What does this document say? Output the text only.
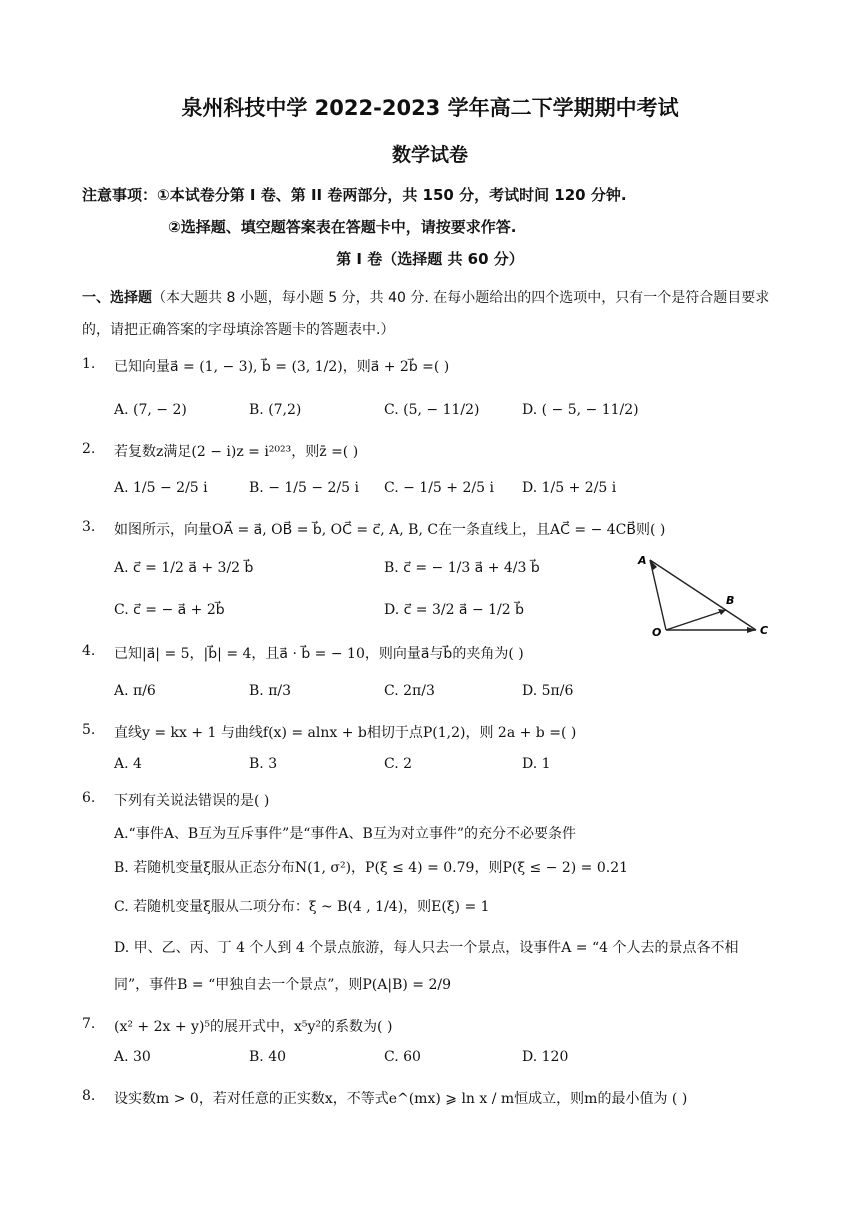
泉州科技中学 2022-2023 学年高二下学期期中考试
数学试卷
注意事项：①本试卷分第 I 卷、第 II 卷两部分，共 150 分，考试时间 120 分钟.
②选择题、填空题答案表在答题卡中，请按要求作答.
第 I 卷（选择题 共 60 分）
一、选择题（本大题共 8 小题，每小题 5 分，共 40 分. 在每小题给出的四个选项中，只有一个是符合题目要求的，请把正确答案的字母填涂答题卡的答题表中.）
1. 已知向量a⃗ = (1, − 3), b⃗ = (3, 1/2)，则a⃗ + 2b⃗ =( )
A. (7, − 2)	B. (7,2)	C. (5, − 11/2)	D. ( − 5, − 11/2)
2. 若复数z满足(2 − i)z = i²⁰²³，则z̄ =( )
A. 1/5 − 2/5 i	B. − 1/5 − 2/5 i C. − 1/5 + 2/5 i D. 1/5 + 2/5 i
3. 如图所示，向量OA⃗ = a⃗, OB⃗ = b⃗, OC⃗ = c⃗, A, B, C在一条直线上，且AC⃗ = − 4CB⃗则( )
A. c⃗ = 1/2 a⃗ + 3/2 b⃗	B. c⃗ = − 1/3 a⃗ + 4/3 b⃗
C. c⃗ = − a⃗ + 2b⃗	D. c⃗ = 3/2 a⃗ − 1/2 b⃗
A
B
O	C
4. 已知|a⃗| = 5，|b⃗| = 4，且a⃗ · b⃗ = − 10，则向量a⃗与b⃗的夹角为( )
A. π/6	B. π/3	C. 2π/3	D. 5π/6
5. 直线y = kx + 1 与曲线f(x) = alnx + b相切于点P(1,2)，则 2a + b =( )
A. 4	B. 3	C. 2	D. 1
6. 下列有关说法错误的是( )
A.“事件A、B互为互斥事件”是“事件A、B互为对立事件”的充分不必要条件
B. 若随机变量ξ服从正态分布N(1, σ²)，P(ξ ≤ 4) = 0.79，则P(ξ ≤ − 2) = 0.21
C. 若随机变量ξ服从二项分布：ξ ~ B(4 , 1/4)，则E(ξ) = 1
D. 甲、乙、丙、丁 4 个人到 4 个景点旅游，每人只去一个景点，设事件A = “4 个人去的景点各不相
同”，事件B = “甲独自去一个景点”，则P(A|B) = 2/9
7. (x² + 2x + y)⁵的展开式中，x⁵y²的系数为( )
A. 30	B. 40	C. 60	D. 120
8. 设实数m > 0，若对任意的正实数x，不等式e^(mx) ⩾ ln x / m恒成立，则m的最小值为 ( )
